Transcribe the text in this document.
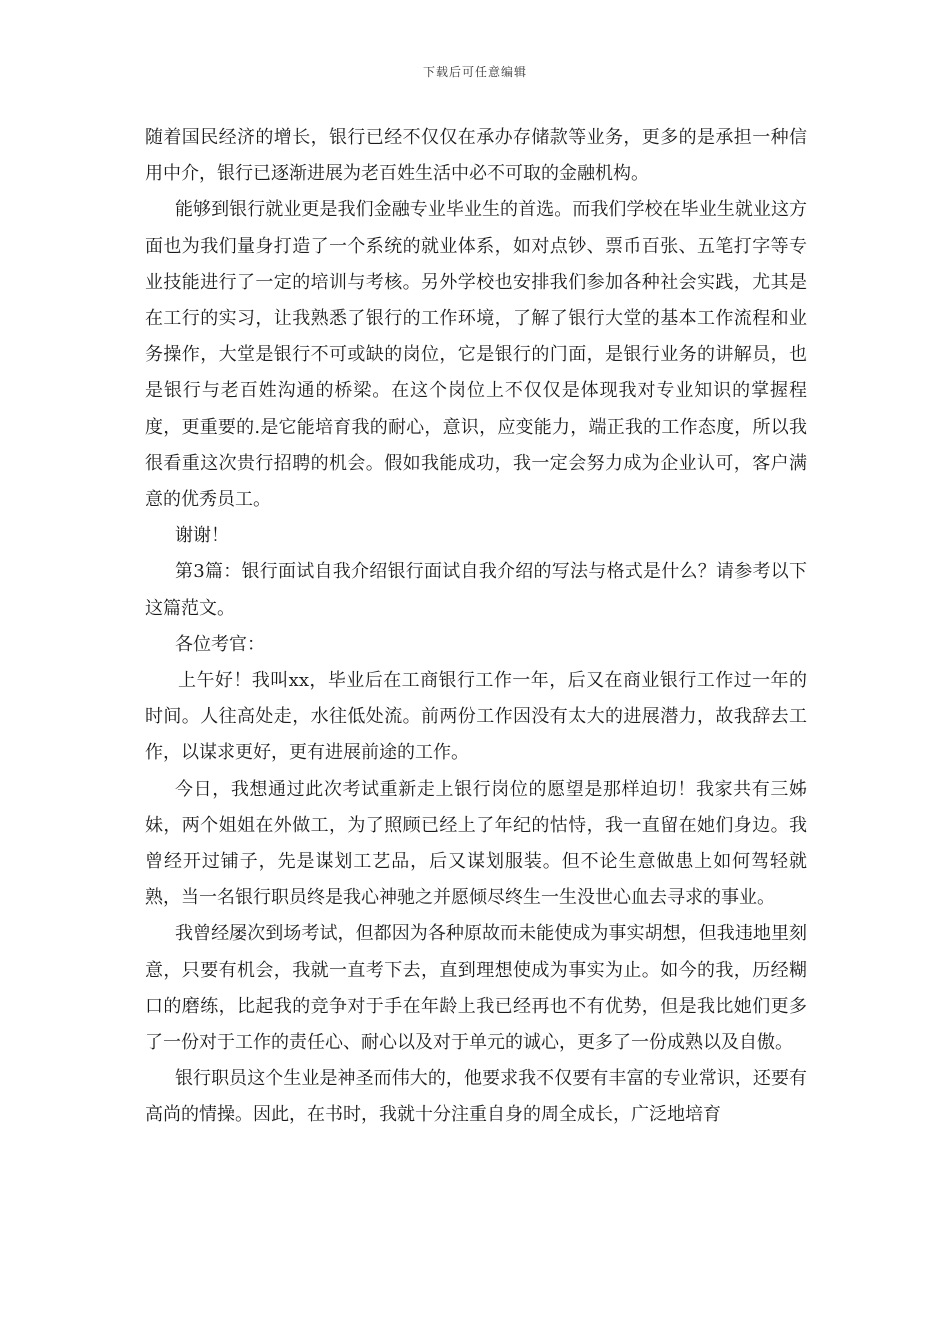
下载后可任意编辑

随着国民经济的增长，银行已经不仅仅在承办存储款等业务，更多的是承担一种信用中介，银行已逐渐进展为老百姓生活中必不可取的金融机构。

能够到银行就业更是我们金融专业毕业生的首选。而我们学校在毕业生就业这方面也为我们量身打造了一个系统的就业体系，如对点钞、票币百张、五笔打字等专业技能进行了一定的培训与考核。另外学校也安排我们参加各种社会实践，尤其是在工行的实习，让我熟悉了银行的工作环境，了解了银行大堂的基本工作流程和业务操作，大堂是银行不可或缺的岗位，它是银行的门面，是银行业务的讲解员，也是银行与老百姓沟通的桥梁。在这个岗位上不仅仅是体现我对专业知识的掌握程度，更重要的.是它能培育我的耐心，意识，应变能力，端正我的工作态度，所以我很看重这次贵行招聘的机会。假如我能成功，我一定会努力成为企业认可，客户满意的优秀员工。

谢谢！

第3篇：银行面试自我介绍银行面试自我介绍的写法与格式是什么？请参考以下这篇范文。

各位考官：

上午好！我叫xx，毕业后在工商银行工作一年，后又在商业银行工作过一年的时间。人往高处走，水往低处流。前两份工作因没有太大的进展潜力，故我辞去工作，以谋求更好，更有进展前途的工作。

今日，我想通过此次考试重新走上银行岗位的愿望是那样迫切！我家共有三姊妹，两个姐姐在外做工，为了照顾已经上了年纪的怙恃，我一直留在她们身边。我曾经开过铺子，先是谋划工艺品，后又谋划服装。但不论生意做患上如何驾轻就熟，当一名银行职员终是我心神驰之并愿倾尽终生一生没世心血去寻求的事业。

我曾经屡次到场考试，但都因为各种原故而未能使成为事实胡想，但我违地里刻意，只要有机会，我就一直考下去，直到理想使成为事实为止。如今的我，历经糊口的磨练，比起我的竞争对于手在年龄上我已经再也不有优势，但是我比她们更多了一份对于工作的责任心、耐心以及对于单元的诚心，更多了一份成熟以及自傲。

银行职员这个生业是神圣而伟大的，他要求我不仅要有丰富的专业常识，还要有高尚的情操。因此，在书时，我就十分注重自身的周全成长，广泛地培育
